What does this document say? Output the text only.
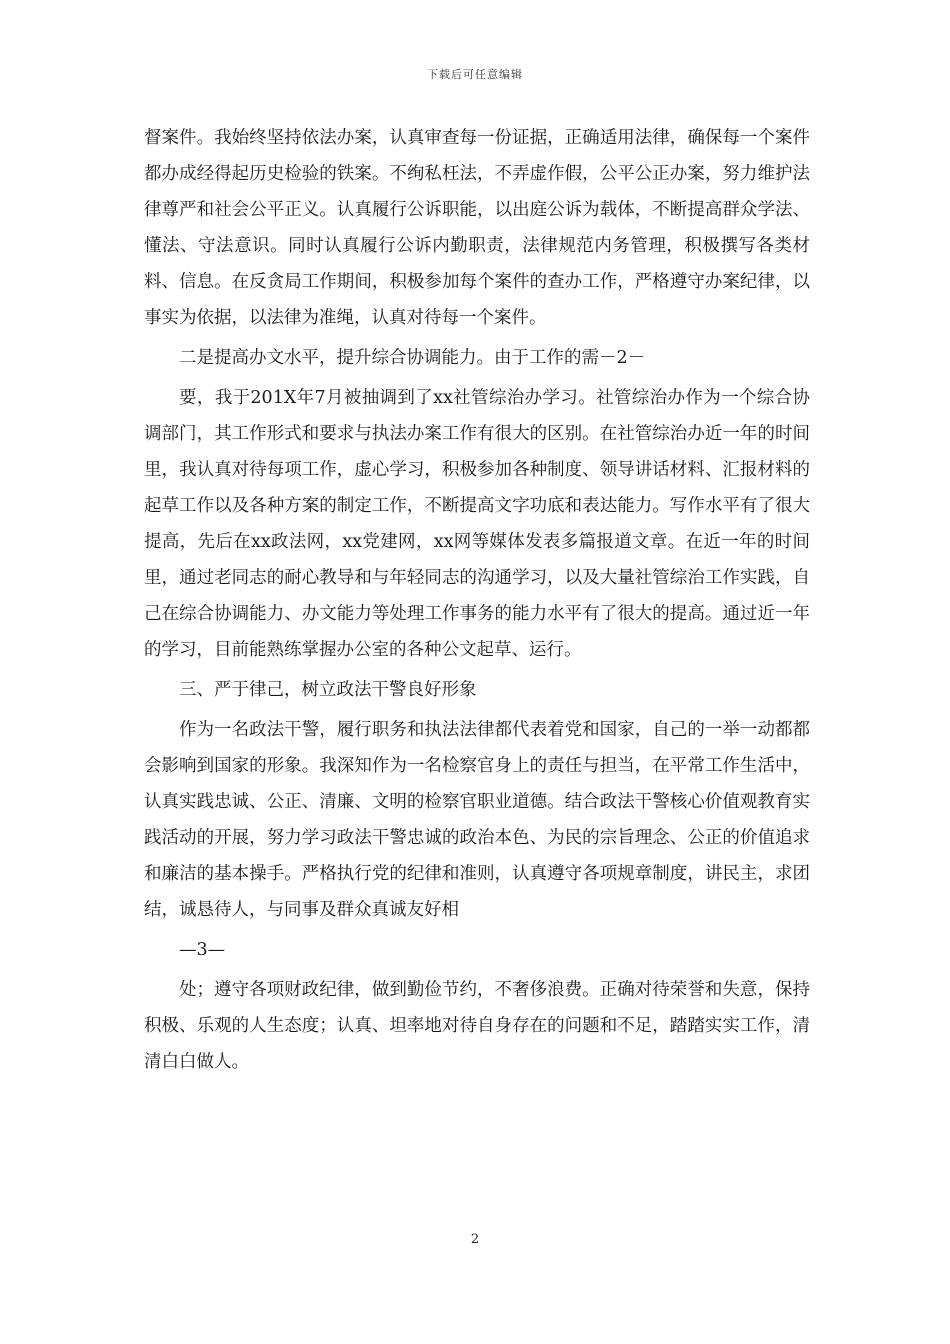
下载后可任意编辑

督案件。我始终坚持依法办案，认真审查每一份证据，正确适用法律，确保每一个案件都办成经得起历史检验的铁案。不绚私枉法，不弄虚作假，公平公正办案，努力维护法律尊严和社会公平正义。认真履行公诉职能，以出庭公诉为载体，不断提高群众学法、懂法、守法意识。同时认真履行公诉内勤职责，法律规范内务管理，积极撰写各类材料、信息。在反贪局工作期间，积极参加每个案件的查办工作，严格遵守办案纪律，以事实为依据，以法律为准绳，认真对待每一个案件。

二是提高办文水平，提升综合协调能力。由于工作的需－2－

要，我于201X年7月被抽调到了xx社管综治办学习。社管综治办作为一个综合协调部门，其工作形式和要求与执法办案工作有很大的区别。在社管综治办近一年的时间里，我认真对待每项工作，虚心学习，积极参加各种制度、领导讲话材料、汇报材料的起草工作以及各种方案的制定工作，不断提高文字功底和表达能力。写作水平有了很大提高，先后在xx政法网，xx党建网，xx网等媒体发表多篇报道文章。在近一年的时间里，通过老同志的耐心教导和与年轻同志的沟通学习，以及大量社管综治工作实践，自己在综合协调能力、办文能力等处理工作事务的能力水平有了很大的提高。通过近一年的学习，目前能熟练掌握办公室的各种公文起草、运行。

三、严于律己，树立政法干警良好形象

作为一名政法干警，履行职务和执法法律都代表着党和国家，自己的一举一动都都会影响到国家的形象。我深知作为一名检察官身上的责任与担当，在平常工作生活中，认真实践忠诚、公正、清廉、文明的检察官职业道德。结合政法干警核心价值观教育实践活动的开展，努力学习政法干警忠诚的政治本色、为民的宗旨理念、公正的价值追求和廉洁的基本操手。严格执行党的纪律和准则，认真遵守各项规章制度，讲民主，求团结，诚恳待人，与同事及群众真诚友好相

—3—

处；遵守各项财政纪律，做到勤俭节约，不奢侈浪费。正确对待荣誉和失意，保持积极、乐观的人生态度；认真、坦率地对待自身存在的问题和不足，踏踏实实工作，清清白白做人。

2
